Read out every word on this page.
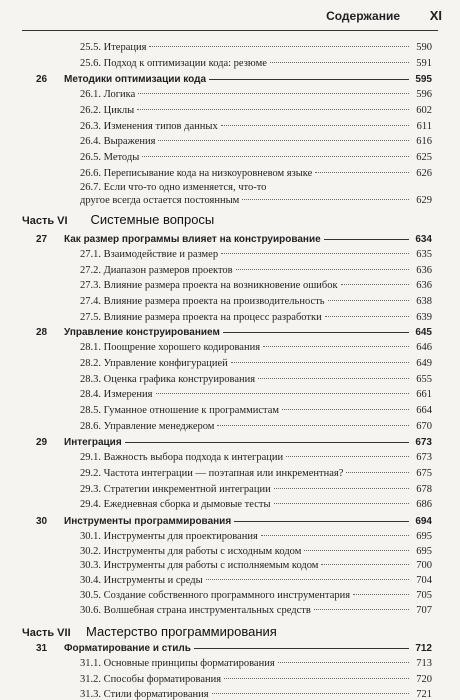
Содержание XI
25.5. Итерация	590
25.6. Подход к оптимизации кода: резюме	591
26 Методики оптимизации кода	595
26.1. Логика	596
26.2. Циклы	602
26.3. Изменения типов данных	611
26.4. Выражения	616
26.5. Методы	625
26.6. Переписывание кода на низкоуровневом языке	626
26.7. Если что-то одно изменяется, что-то
другое всегда остается постоянным	629
Часть VI Системные вопросы
27 Как размер программы влияет на конструирование	634
27.1. Взаимодействие и размер	635
27.2. Диапазон размеров проектов	636
27.3. Влияние размера проекта на возникновение ошибок	636
27.4. Влияние размера проекта на производительность	638
27.5. Влияние размера проекта на процесс разработки	639
28 Управление конструированием	645
28.1. Поощрение хорошего кодирования	646
28.2. Управление конфигурацией	649
28.3. Оценка графика конструирования	655
28.4. Измерения	661
28.5. Гуманное отношение к программистам	664
28.6. Управление менеджером	670
29 Интеграция	673
29.1. Важность выбора подхода к интеграции	673
29.2. Частота интеграции — поэтапная или инкрементная?	675
29.3. Стратегии инкрементной интеграции	678
29.4. Ежедневная сборка и дымовые тесты	686
30 Инструменты программирования	694
30.1. Инструменты для проектирования	695
30.2. Инструменты для работы с исходным кодом	695
30.3. Инструменты для работы с исполняемым кодом	700
30.4. Инструменты и среды	704
30.5. Создание собственного программного инструментария	705
30.6. Волшебная страна инструментальных средств	707
Часть VII Мастерство программирования
31 Форматирование и стиль	712
31.1. Основные принципы форматирования	713
31.2. Способы форматирования	720
31.3. Стили форматирования	721
